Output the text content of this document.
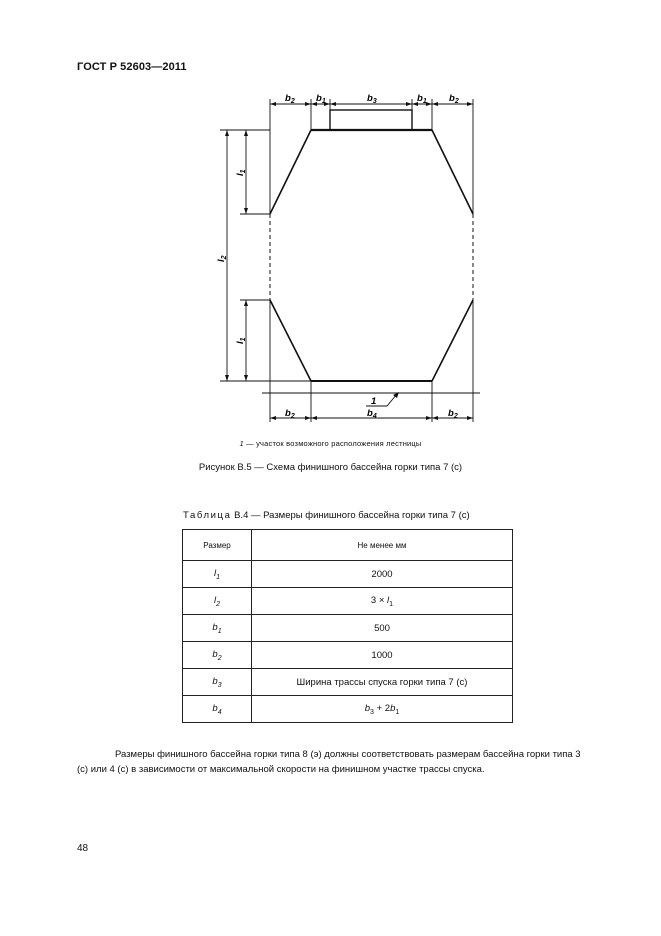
ГОСТ Р 52603—2011
$b_2$ $b_1$	$b_3$	$b_1$ $b_2$
$b_2$	$b_4$	$b_2$
1
$l_2$
$l_1$
$l_1$
1 — участок возможного расположения лестницы
Рисунок В.5 — Схема финишного бассейна горки типа 7 (с)
Таблица В.4 — Размеры финишного бассейна горки типа 7 (с)
Размер	Не менее мм
$l_1$	2000
$l_2$	$3 \times l_1$
$b_1$	500
$b_2$	1000
$b_3$	Ширина трассы спуска горки типа 7 (с)
$b_4$	$b_3 + 2b_1$
Размеры финишного бассейна горки типа 8 (э) должны соответствовать размерам бассейна горки типа 3 (с) или 4 (с) в зависимости от максимальной скорости на финишном участке трассы спуска.
48
